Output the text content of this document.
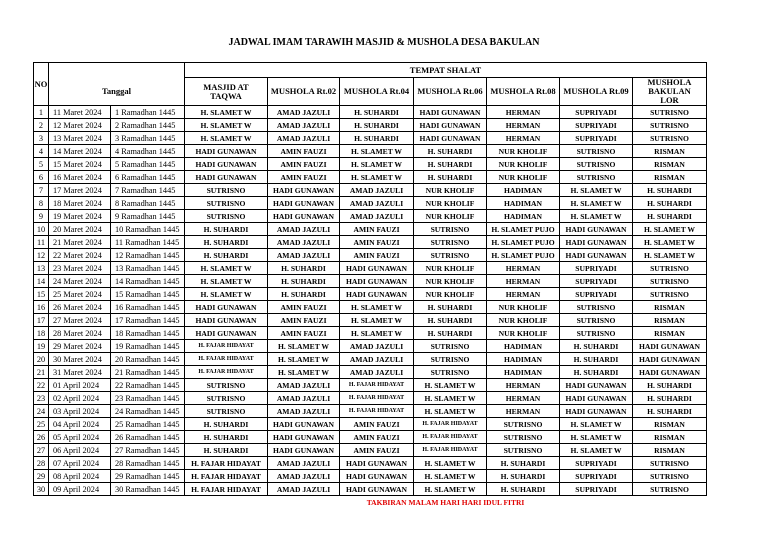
JADWAL IMAM TARAWIH MASJID & MUSHOLA DESA BAKULAN
NO			TEMPAT SHALAT						
	Tanggal		MASJID AT TAQWA	MUSHOLA Rt.02	MUSHOLA Rt.04	MUSHOLA Rt.06	MUSHOLA Rt.08	MUSHOLA Rt.09	MUSHOLA BAKULAN LOR
1	11 Maret 2024	1 Ramadhan 1445	H. SLAMET W	AMAD JAZULI	H. SUHARDI	HADI GUNAWAN	HERMAN	SUPRIYADI	SUTRISNO
2	12 Maret 2024	2 Ramadhan 1445	H. SLAMET W	AMAD JAZULI	H. SUHARDI	HADI GUNAWAN	HERMAN	SUPRIYADI	SUTRISNO
3	13 Maret 2024	3 Ramadhan 1445	H. SLAMET W	AMAD JAZULI	H. SUHARDI	HADI GUNAWAN	HERMAN	SUPRIYADI	SUTRISNO
4	14 Maret 2024	4 Ramadhan 1445	HADI GUNAWAN	AMIN FAUZI	H. SLAMET W	H. SUHARDI	NUR KHOLIF	SUTRISNO	RISMAN
5	15 Maret 2024	5 Ramadhan 1445	HADI GUNAWAN	AMIN FAUZI	H. SLAMET W	H. SUHARDI	NUR KHOLIF	SUTRISNO	RISMAN
6	16 Maret 2024	6 Ramadhan 1445	HADI GUNAWAN	AMIN FAUZI	H. SLAMET W	H. SUHARDI	NUR KHOLIF	SUTRISNO	RISMAN
7	17 Maret 2024	7 Ramadhan 1445	SUTRISNO	HADI GUNAWAN	AMAD JAZULI	NUR KHOLIF	HADIMAN	H. SLAMET W	H. SUHARDI
8	18 Maret 2024	8 Ramadhan 1445	SUTRISNO	HADI GUNAWAN	AMAD JAZULI	NUR KHOLIF	HADIMAN	H. SLAMET W	H. SUHARDI
9	19 Maret 2024	9 Ramadhan 1445	SUTRISNO	HADI GUNAWAN	AMAD JAZULI	NUR KHOLIF	HADIMAN	H. SLAMET W	H. SUHARDI
10	20 Maret 2024	10 Ramadhan 1445	H. SUHARDI	AMAD JAZULI	AMIN FAUZI	SUTRISNO	H. SLAMET PUJO	HADI GUNAWAN	H. SLAMET W
11	21 Maret 2024	11 Ramadhan 1445	H. SUHARDI	AMAD JAZULI	AMIN FAUZI	SUTRISNO	H. SLAMET PUJO	HADI GUNAWAN	H. SLAMET W
12	22 Maret 2024	12 Ramadhan 1445	H. SUHARDI	AMAD JAZULI	AMIN FAUZI	SUTRISNO	H. SLAMET PUJO	HADI GUNAWAN	H. SLAMET W
13	23 Maret 2024	13 Ramadhan 1445	H. SLAMET W	H. SUHARDI	HADI GUNAWAN	NUR KHOLIF	HERMAN	SUPRIYADI	SUTRISNO
14	24 Maret 2024	14 Ramadhan 1445	H. SLAMET W	H. SUHARDI	HADI GUNAWAN	NUR KHOLIF	HERMAN	SUPRIYADI	SUTRISNO
15	25 Maret 2024	15 Ramadhan 1445	H. SLAMET W	H. SUHARDI	HADI GUNAWAN	NUR KHOLIF	HERMAN	SUPRIYADI	SUTRISNO
16	26 Maret 2024	16 Ramadhan 1445	HADI GUNAWAN	AMIN FAUZI	H. SLAMET W	H. SUHARDI	NUR KHOLIF	SUTRISNO	RISMAN
17	27 Maret 2024	17 Ramadhan 1445	HADI GUNAWAN	AMIN FAUZI	H. SLAMET W	H. SUHARDI	NUR KHOLIF	SUTRISNO	RISMAN
18	28 Maret 2024	18 Ramadhan 1445	HADI GUNAWAN	AMIN FAUZI	H. SLAMET W	H. SUHARDI	NUR KHOLIF	SUTRISNO	RISMAN
19	29 Maret 2024	19 Ramadhan 1445	H. FAJAR HIDAYAT	H. SLAMET W	AMAD JAZULI	SUTRISNO	HADIMAN	H. SUHARDI	HADI GUNAWAN
20	30 Maret 2024	20 Ramadhan 1445	H. FAJAR HIDAYAT	H. SLAMET W	AMAD JAZULI	SUTRISNO	HADIMAN	H. SUHARDI	HADI GUNAWAN
21	31 Maret 2024	21 Ramadhan 1445	H. FAJAR HIDAYAT	H. SLAMET W	AMAD JAZULI	SUTRISNO	HADIMAN	H. SUHARDI	HADI GUNAWAN
22	01 April 2024	22 Ramadhan 1445	SUTRISNO	AMAD JAZULI	H. FAJAR HIDAYAT	H. SLAMET W	HERMAN	HADI GUNAWAN	H. SUHARDI
23	02 April 2024	23 Ramadhan 1445	SUTRISNO	AMAD JAZULI	H. FAJAR HIDAYAT	H. SLAMET W	HERMAN	HADI GUNAWAN	H. SUHARDI
24	03 April 2024	24 Ramadhan 1445	SUTRISNO	AMAD JAZULI	H. FAJAR HIDAYAT	H. SLAMET W	HERMAN	HADI GUNAWAN	H. SUHARDI
25	04 April 2024	25 Ramadhan 1445	H. SUHARDI	HADI GUNAWAN	AMIN FAUZI	H. FAJAR HIDAYAT	SUTRISNO	H. SLAMET W	RISMAN
26	05 April 2024	26 Ramadhan 1445	H. SUHARDI	HADI GUNAWAN	AMIN FAUZI	H. FAJAR HIDAYAT	SUTRISNO	H. SLAMET W	RISMAN
27	06 April 2024	27 Ramadhan 1445	H. SUHARDI	HADI GUNAWAN	AMIN FAUZI	H. FAJAR HIDAYAT	SUTRISNO	H. SLAMET W	RISMAN
28	07 April 2024	28 Ramadhan 1445	H. FAJAR HIDAYAT	AMAD JAZULI	HADI GUNAWAN	H. SLAMET W	H. SUHARDI	SUPRIYADI	SUTRISNO
29	08 April 2024	29 Ramadhan 1445	H. FAJAR HIDAYAT	AMAD JAZULI	HADI GUNAWAN	H. SLAMET W	H. SUHARDI	SUPRIYADI	SUTRISNO
30	09 April 2024	30 Ramadhan 1445	H. FAJAR HIDAYAT	AMAD JAZULI	HADI GUNAWAN	H. SLAMET W	H. SUHARDI	SUPRIYADI	SUTRISNO
			TAKBIRAN MALAM HARI HARI IDUL FITRI						
